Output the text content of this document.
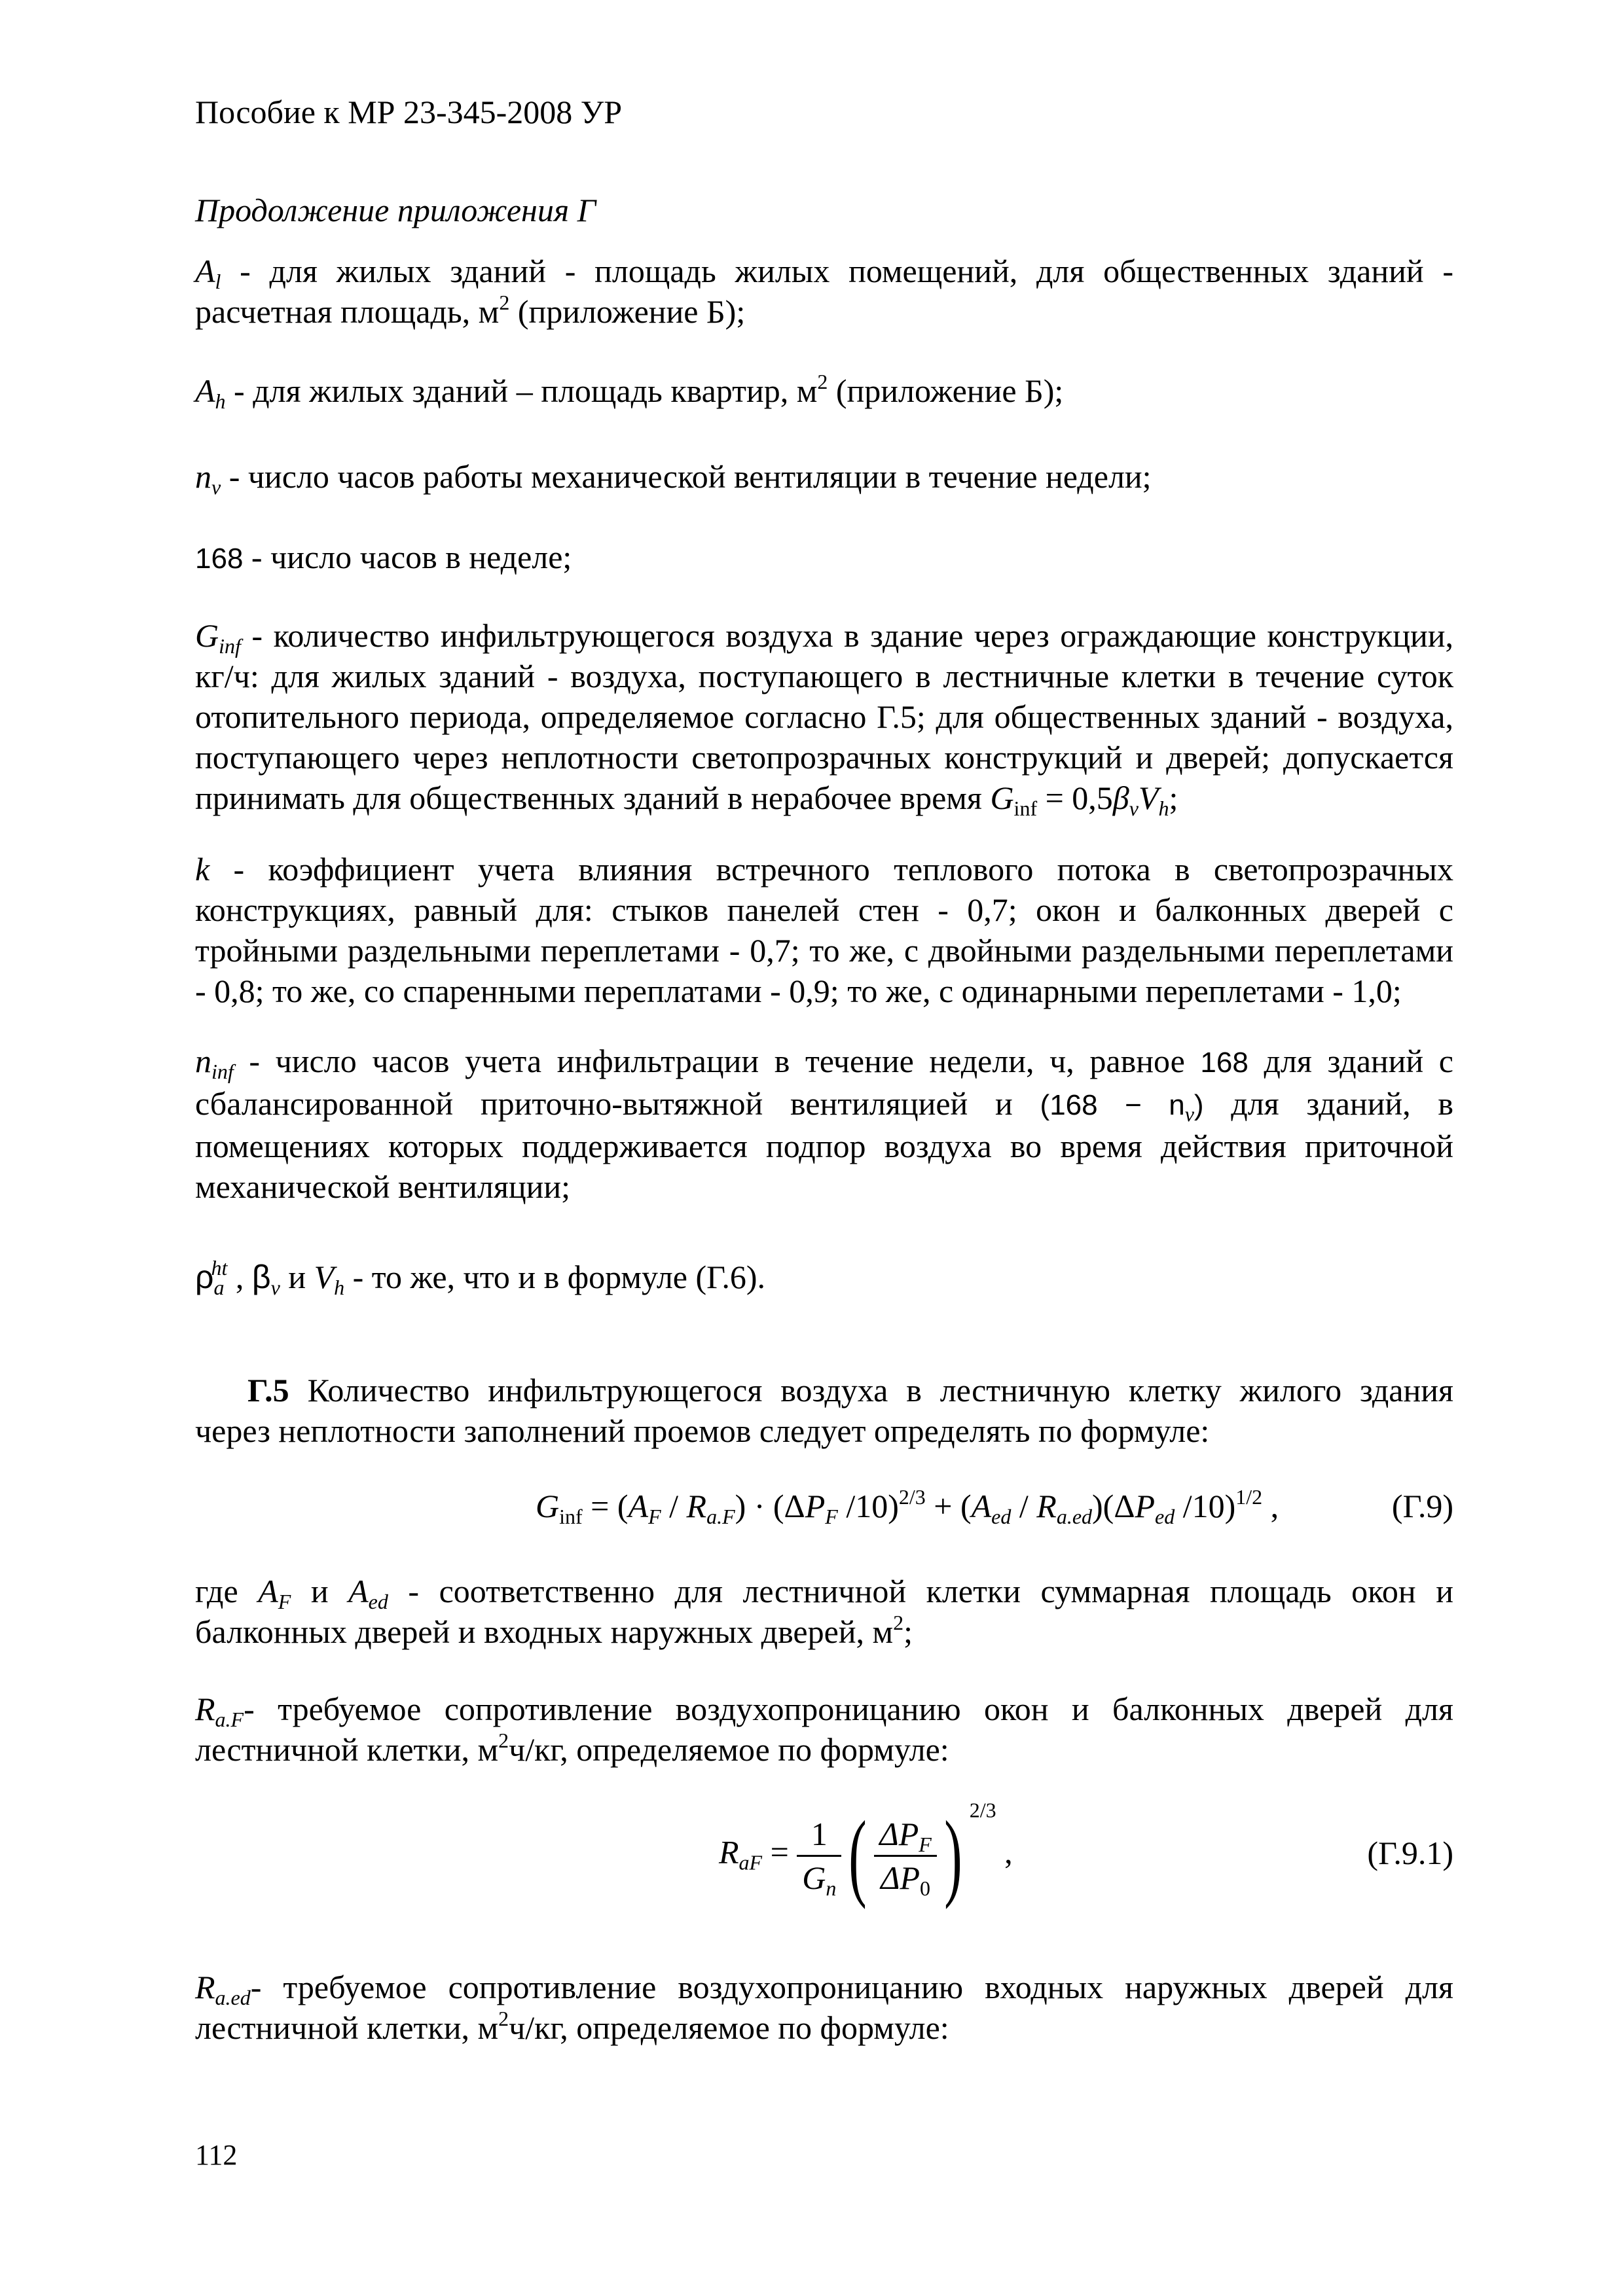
Пособие к МР 23-345-2008 УР
Продолжение приложения Г

$A_l$ - для жилых зданий - площадь жилых помещений, для общественных зданий - расчетная площадь, $м^2$ (приложение Б);

$A_h$ - для жилых зданий – площадь квартир, $м^2$ (приложение Б);

$n_v$ - число часов работы механической вентиляции в течение недели;

168 - число часов в неделе;

$G_{inf}$ - количество инфильтрующегося воздуха в здание через ограждающие конструкции, кг/ч: для жилых зданий - воздуха, поступающего в лестничные клетки в течение суток отопительного периода, определяемое согласно Г.5; для общественных зданий - воздуха, поступающего через неплотности светопрозрачных конструкций и дверей; допускается принимать для общественных зданий в нерабочее время $G_{inf} = 0,5\beta_vV_h$;

k - коэффициент учета влияния встречного теплового потока в светопрозрачных конструкциях, равный для: стыков панелей стен - 0,7; окон и балконных дверей с тройными раздельными переплетами - 0,7; то же, с двойными раздельными переплетами - 0,8; то же, со спаренными переплатами - 0,9; то же, с одинарными переплетами - 1,0;

$n_{inf}$ - число часов учета инфильтрации в течение недели, ч, равное 168 для зданий с сбалансированной приточно-вытяжной вентиляцией и $(168 - n_v)$ для зданий, в помещениях которых поддерживается подпор воздуха во время действия приточной механической вентиляции;

$\rho_a^{ht}$ , $\beta_v$ и $V_h$ - то же, что и в формуле (Г.6).

Г.5 Количество инфильтрующегося воздуха в лестничную клетку жилого здания через неплотности заполнений проемов следует определять по формуле:

$G_{inf} = (A_F / R_{a.F}) \cdot (\Delta P_F$ $/10)^{2/3} + (A_{ed} / R_{a.ed})(\Delta P_{ed}$ /10)$^{1/2}$ ,	(Г.9)

где $A_F$ и $A_{ed}$ - соответственно для лестничной клетки суммарная площадь окон и балконных дверей и входных наружных дверей, $м^2$;

$R_{a.F}-$ требуемое сопротивление воздухопроницанию окон и балконных дверей для лестничной клетки, $м^2ч/кг$, определяемое по формуле:

$R_{aF} = \frac{1}{G_n}$ ( $\frac{\Delta P_F}{\Delta P_0}$ ) $^{2/3}$ ,	(Г.9.1)

$R_{a.ed}-$ требуемое сопротивление воздухопроницанию входных наружных дверей для лестничной клетки, $м^2ч/кг$, определяемое по формуле:

112
